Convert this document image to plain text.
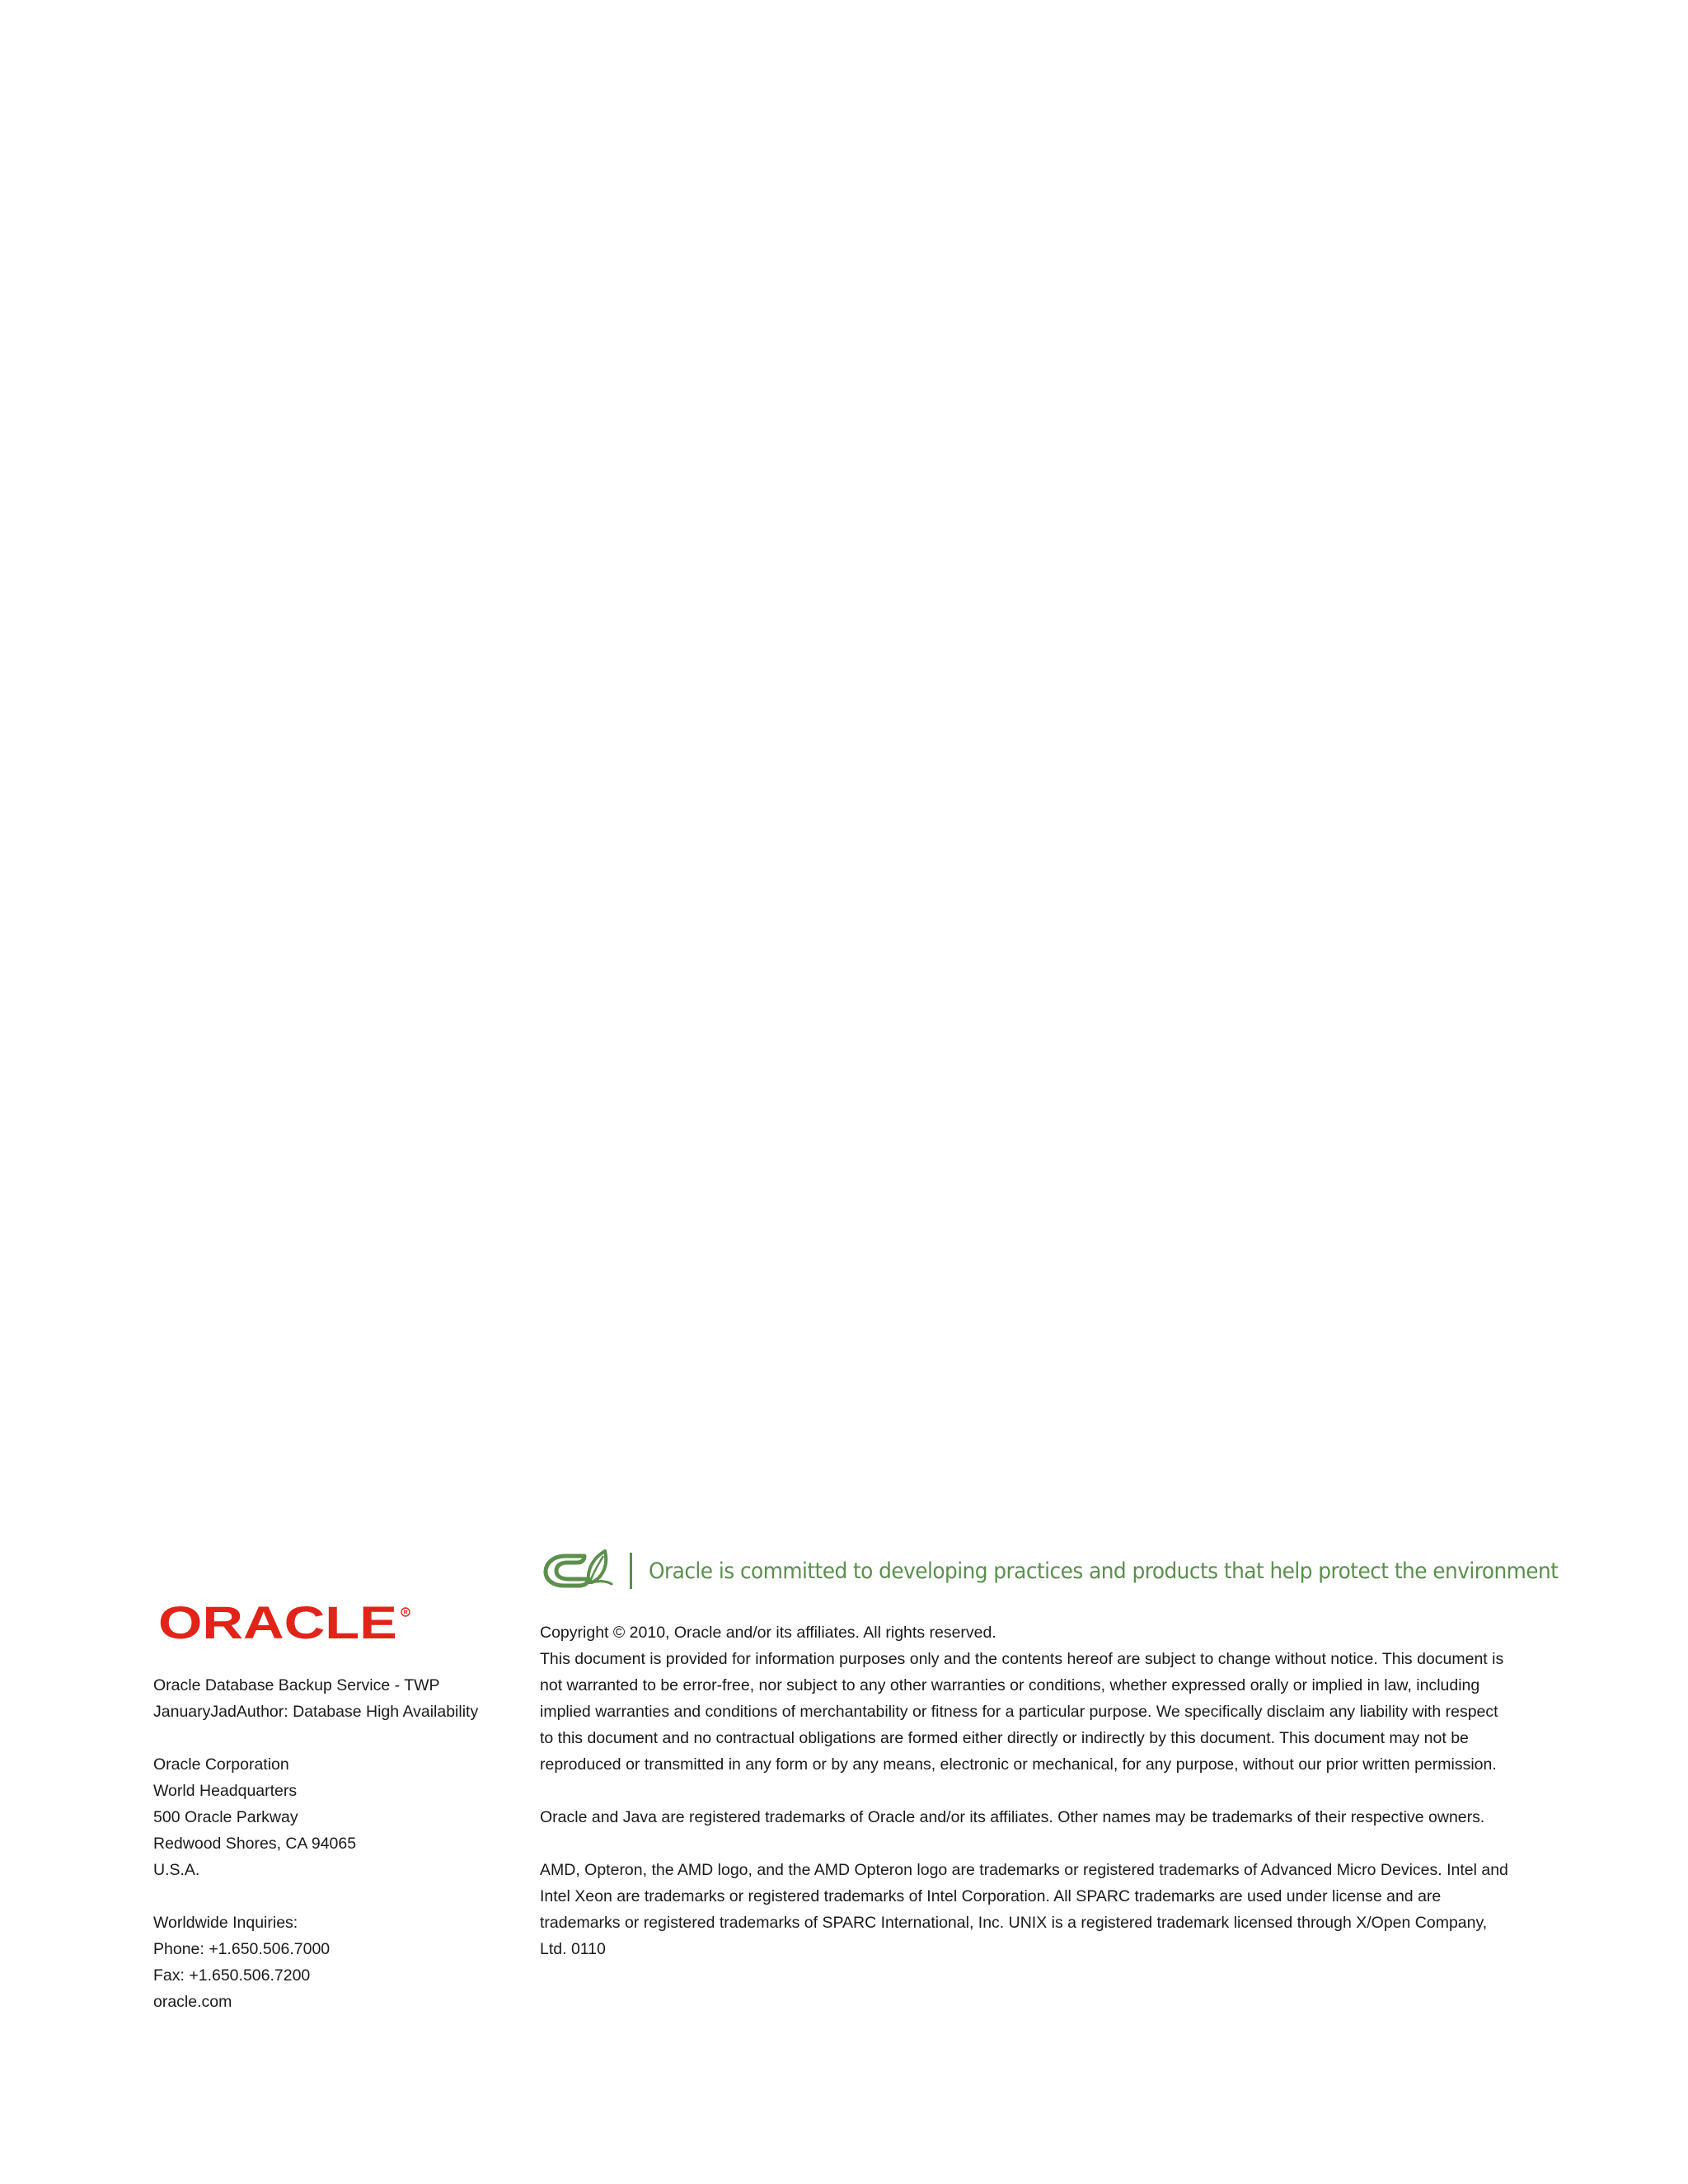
Oracle is committed to developing practices and products that help protect the environment
ORACLE R
Oracle Database Backup Service - TWP
JanuaryJadAuthor: Database High Availability
Oracle Corporation
World Headquarters
500 Oracle Parkway
Redwood Shores, CA 94065
U.S.A.
Worldwide Inquiries:
Phone: +1.650.506.7000
Fax: +1.650.506.7200
oracle.com

Copyright © 2010, Oracle and/or its affiliates. All rights reserved.

This document is provided for information purposes only and the contents hereof are subject to change without notice. This document is not warranted to be error-free, nor subject to any other warranties or conditions, whether expressed orally or implied in law, including implied warranties and conditions of merchantability or fitness for a particular purpose. We specifically disclaim any liability with respect to this document and no contractual obligations are formed either directly or indirectly by this document. This document may not be reproduced or transmitted in any form or by any means, electronic or mechanical, for any purpose, without our prior written permission.

Oracle and Java are registered trademarks of Oracle and/or its affiliates. Other names may be trademarks of their respective owners.

AMD, Opteron, the AMD logo, and the AMD Opteron logo are trademarks or registered trademarks of Advanced Micro Devices. Intel and Intel Xeon are trademarks or registered trademarks of Intel Corporation. All SPARC trademarks are used under license and are trademarks or registered trademarks of SPARC International, Inc. UNIX is a registered trademark licensed through X/Open Company, Ltd. 0110
